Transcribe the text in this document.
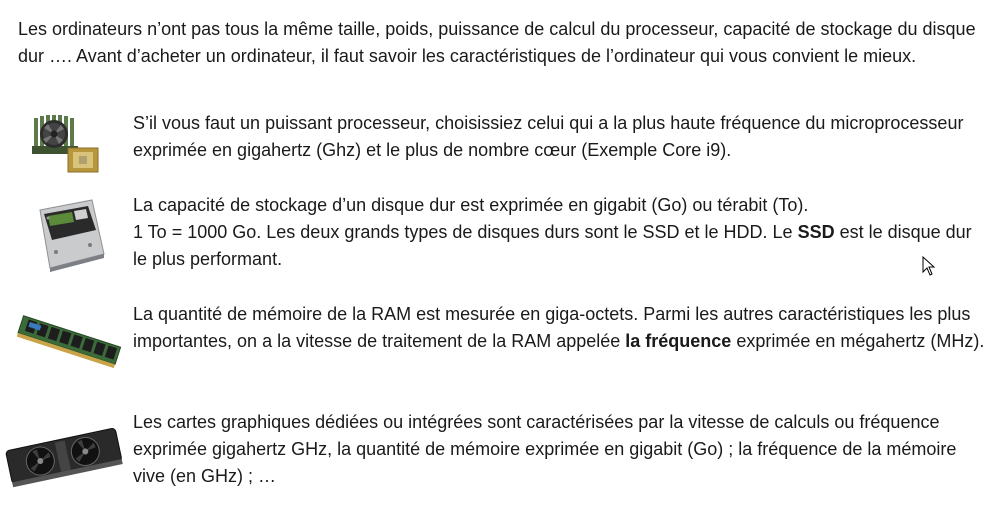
Les ordinateurs n’ont pas tous la même taille, poids, puissance de calcul du processeur, capacité de stockage du disque dur …. Avant d’acheter un ordinateur, il faut savoir les caractéristiques de l’ordinateur qui vous convient le mieux.

S’il vous faut un puissant processeur, choisissiez celui qui a la plus haute fréquence du microprocesseur exprimée en gigahertz (Ghz) et le plus de nombre cœur (Exemple Core i9).

La capacité de stockage d’un disque dur est exprimée en gigabit (Go) ou térabit (To).
1 To = 1000 Go. Les deux grands types de disques durs sont le SSD et le HDD. Le SSD est le disque dur le plus performant.

La quantité de mémoire de la RAM est mesurée en giga-octets. Parmi les autres caractéristiques les plus importantes, on a la vitesse de traitement de la RAM appelée la fréquence exprimée en mégahertz (MHz).

Les cartes graphiques dédiées ou intégrées sont caractérisées par la vitesse de calculs ou fréquence exprimée gigahertz GHz, la quantité de mémoire exprimée en gigabit (Go) ; la fréquence de la mémoire vive (en GHz) ; …
